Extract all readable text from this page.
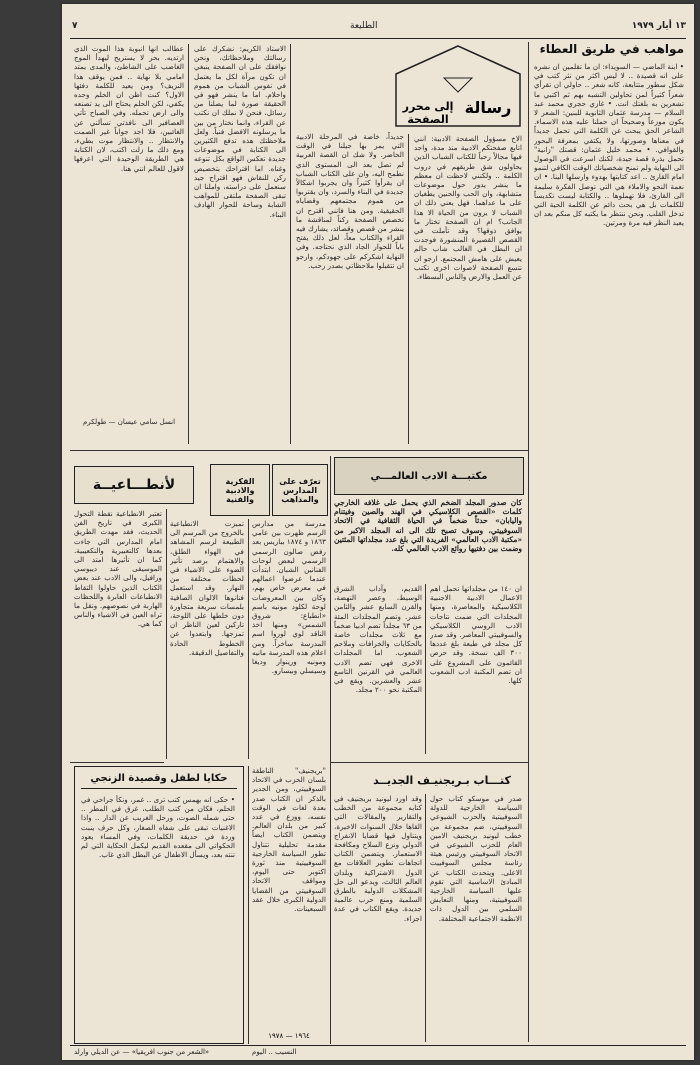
١٣ أيار ١٩٧٩
الطليعة
٧
مواهب في طريق العطاء
• ابنة الماضي — السويداء: ان ما تقلمين ان نشره على انه قصيدة .. لا ليس اكثر من نثر كتب في شكل سطور متتابعة، كانه شعر .. حاولي ان تقرأي شعراً كثيراً لمن تحاولين التشبه بهم ثم اكتبي ما تشعرين به بلغتك انت. • غازي حجري محمد عبد السلام — مدرسة عثمان الثانوية للبنين: الشعر لا يكون موزعاً وصحيحاً ان حملنا عليه هذه الاسماء. الشاعر الحق يبحث عن الكلمة التي تحمل جديداً في معناها وصورتها، ولا يكتفي بمعرفة البحور والقوافي. • محمد خليل عثمان: قصتك "زانية" تحمل بذرة قصة جيدة، لكنك اسرعت في الوصول الى النهاية ولم تمنح شخصياتك الوقت الكافي لتنمو امام القارئ .. اعد كتابتها بهدوء وارسلها الينا. • ان نعمة النحو والاملاء هي التي توصل الفكرة سليمة الى القارئ، فلا تهملوها .. والكتابة ليست تكديساً للكلمات بل هي بحث دائم عن الكلمة الحية التي تدخل القلب. ونحن ننتظر ما يكتبه كل منكم بعد ان يعيد النظر فيه مرة ومرتين.
رسالة
إلى محرر الصفحة
الاخ مسؤول الصفحة الادبية: انني اتابع صفحتكم الادبية منذ مدة، واجد فيها مجالاً رحباً للكتاب الشباب الذين يحاولون شق طريقهم في دروب الكلمة .. ولكنني لاحظت ان معظم ما ينشر يدور حول موضوعات متشابهة، وان الحب والحنين يطغيان على ما عداهما. فهل يعني ذلك ان الشباب لا يرون من الحياة الا هذا الجانب؟ ام ان الصفحة تختار ما يوافق ذوقها؟ وقد تأملت في القصص القصيرة المنشورة فوجدت ان البطل في الغالب شاب حالم يعيش على هامش المجتمع. ارجو ان تتسع الصفحة لاصوات اخرى تكتب عن العمل والارض والناس البسطاء.
جديداً، خاصة في المرحلة الادبية التي يمر بها جيلنا في الوقت الحاضر. ولا شك ان القصة العربية لم تصل بعد الى المستوى الذي نطمح اليه، وان على الكتاب الشباب ان يقرأوا كثيراً وان يجربوا اشكالاً جديدة في البناء والسرد، وان يقتربوا من هموم مجتمعهم وقضاياه الحقيقية. ومن هنا فانني اقترح ان تخصص الصفحة ركناً لمناقشة ما ينشر من قصص وقصائد، يشارك فيه القراء والكتاب معاً، لعل ذلك يفتح باباً للحوار الجاد الذي نحتاجه. وفي النهاية اشكركم على جهودكم، وارجو ان تتقبلوا ملاحظاتي بصدر رحب.
الاستاذ الكريم: نشكرك على رسالتك وملاحظاتك، ونحن نوافقك على ان الصفحة ينبغي ان تكون مرآة لكل ما يعتمل في نفوس الشباب من هموم واحلام. اما ما ينشر فهو في الحقيقة صورة لما يصلنا من رسائل، فنحن لا نملك ان نكتب عن القراء، وانما نختار من بين ما يرسلونه الافضل فنياً. ولعل ملاحظتك هذه تدفع الكثيرين الى الكتابة في موضوعات جديدة تعكس الواقع بكل تنوعه وغناه. اما اقتراحك بتخصيص ركن للنقاش فهو اقتراح جيد سنعمل على دراسته، واملنا ان تبقى الصفحة ملتقى للمواهب الشابة وساحة للحوار الهادف البناء.
عطالب انها انبوبة هذا الموت الذي ارتديه. بحر لا يستريح ليهدأ الموج الغاضب على الشاطئ، والمدى يمتد امامي بلا نهاية .. فمن يوقف هذا النزيف؟ ومن يعيد للكلمة دفئها الاول؟ كنت اظن ان الحلم وحده يكفي، لكن الحلم يحتاج الى يد تصنعه والى ارض تحمله. وفي الصباح تأتي العصافير الى نافذتي تسألني عن الغائبين، فلا اجد جواباً غير الصمت والانتظار .. والانتظار موت بطيء. ومع ذلك ما زلت اكتب، لان الكتابة هي الطريقة الوحيدة التي اعرفها لاقول للعالم انني هنا.
انسل سامي عيسان — طولكرم
مكتبـــة الادب العالمـــي
كان صدور المجلد الضخم الذي يحمل على غلافه الخارجي كلمات «القصص الكلاسيكي في الهند والصين وفيتنام واليابان» حدثاً ضخماً في الحياة الثقافية في الاتحاد السوفييتي، وسوف تصبح تلك الى انه المجلد الاكبر من «مكتبة الادب العالمي» الفريدة التي بلغ عدد مجلداتها المئتين وضمت بين دفتيها روائع الادب العالمي كله.
ان ١٤٠ من مجلداتها تحمل اهم الاعمال الادبية الاجنبية الكلاسيكية والمعاصرة، ومنها المجلدات التي ضمت نتاجات الادب الروسي الكلاسيكي والسوفييتي المعاصر. وقد صدر كل مجلد في طبعة بلغ عددها ٣٠٠ الف نسخة. وقد حرص القائمون على المشروع على ان تضم المكتبة ادب الشعوب كلها.
القديم، وآداب الشرق الوسيط، وعصر النهضة، والقرن السابع عشر والثامن عشر. وتضم المجلدات المئة من ٦٣ مجلداً تضم ادبيا ضخماً مع ثلاث مجلدات خاصة بالحكايات والخرافات وملاحم الشعوب. اما المجلدات الاخرى فهي تضم الادب العالمي في القرنين التاسع عشر والعشرين. ويقع في المكتبة نحو ٢٠٠ مجلد.
لأنطـــاعيــة	القكرية والادبية والفنية
تعرّف على المدارس والمذاهب
مدرسة من مدارس الرسم ظهرت بين عامي ١٨٦٣ و ١٨٧٤ بباريس بعد رفض صالون الرسمي الرسمي لبعض لوحات الفنانين الشبان. ابتدأت عندما عرضوا اعمالهم في معرض خاص بهم، وكان بين المعروضات لوحة لكلود مونيه باسم «انطباع: شروق الشمس» ومنها اخذ الناقد لوي لوروا اسم المدرسة ساخراً. ومن اعلام هذه المدرسة مانيه ومونيه ورينوار وديغا وسيسلي وبيسارو.
تميزت الانطباعية بالخروج من المرسم الى الطبيعة لرسم المشاهد في الهواء الطلق، والاهتمام برصد تأثير الضوء على الاشياء في لحظات مختلفة من النهار. وقد استعمل فنانوها الالوان الصافية بلمسات سريعة متجاورة دون خلطها على اللوحة، تاركين لعين الناظر ان تمزجها. وابتعدوا عن الخطوط الحادة والتفاصيل الدقيقة.
تعتبر الانطباعية نقطة التحول الكبرى في تاريخ الفن الحديث، فقد مهدت الطريق امام المدارس التي جاءت بعدها كالتعبيرية والتكعيبية. كما ان تأثيرها امتد الى الموسيقى عند ديبوسي ورافيل، والى الادب عند بعض الكتاب الذين حاولوا التقاط الانطباعات العابرة واللحظات الهاربة في نصوصهم. ونقل ما تراه العين في الاشياء والناس كما هي.
كتـــاب بـريجنيـف الجديــد
صدر في موسكو كتاب حول السياسة الخارجية للدولة السوفييتية والحزب الشيوعي السوفييتي، ضم مجموعة من خطب ليونيد بريجنيف الامين العام للحزب الشيوعي في الاتحاد السوفييتي ورئيس هيئة رئاسة مجلس السوفييت الاعلى. ويتحدث الكتاب عن المبادئ الاساسية التي تقوم عليها السياسة الخارجية السوفييتية، ومنها التعايش السلمي بين الدول ذات الانظمة الاجتماعية المختلفة.
وقد اورد ليونيد بريجنيف في كتابه مجموعة من الخطب والتقارير والمقالات التي القاها خلال السنوات الاخيرة، ويتناول فيها قضايا الانفراج الدولي ونزع السلاح ومكافحة الاستعمار. ويتضمن الكتاب اتجاهات تطوير العلاقات مع الدول الاشتراكية وبلدان العالم الثالث، ويدعو الى حل المشكلات الدولية بالطرق السلمية ومنع حرب عالمية جديدة. ويقع الكتاب في عدة اجزاء.
"بريجنيف" الناطقة بلسان الحزب في الاتحاد السوفييتي، ومن الجدير بالذكر ان الكتاب صدر بعدة لغات في الوقت نفسه، ووزع في عدد كبير من بلدان العالم. ويتضمن الكتاب ايضاً مقدمة تحليلية تتناول تطور السياسة الخارجية السوفييتية منذ ثورة اكتوبر حتى اليوم، ومواقف الاتحاد السوفييتي من القضايا الدولية الكبرى خلال عقد السبعينات.
١٩٦٤ — ١٩٧٨
حكايا لطفل وقصيدة الزنجي
• حكى انه يهمس كتب ترى .. غمر، ونكأ جراحي في الحلم، فكان من كتب الطلب، غرق في المطر .. حتى شمله الصوت، ورحل الغريب عن الدار .. واذا الاغنيات تبقى على شفاه الصغار، وكل حرف ينبت وردة في حديقة الكلمات، وفي المساء يعود الحكواتي الى مقعده القديم ليكمل الحكاية التي لم تنته بعد، ويسأل الاطفال عن البطل الذي غاب.
النسيب .. اليوم
«الشعر من جنوب افريقيا» — عن الديلي وارلد
